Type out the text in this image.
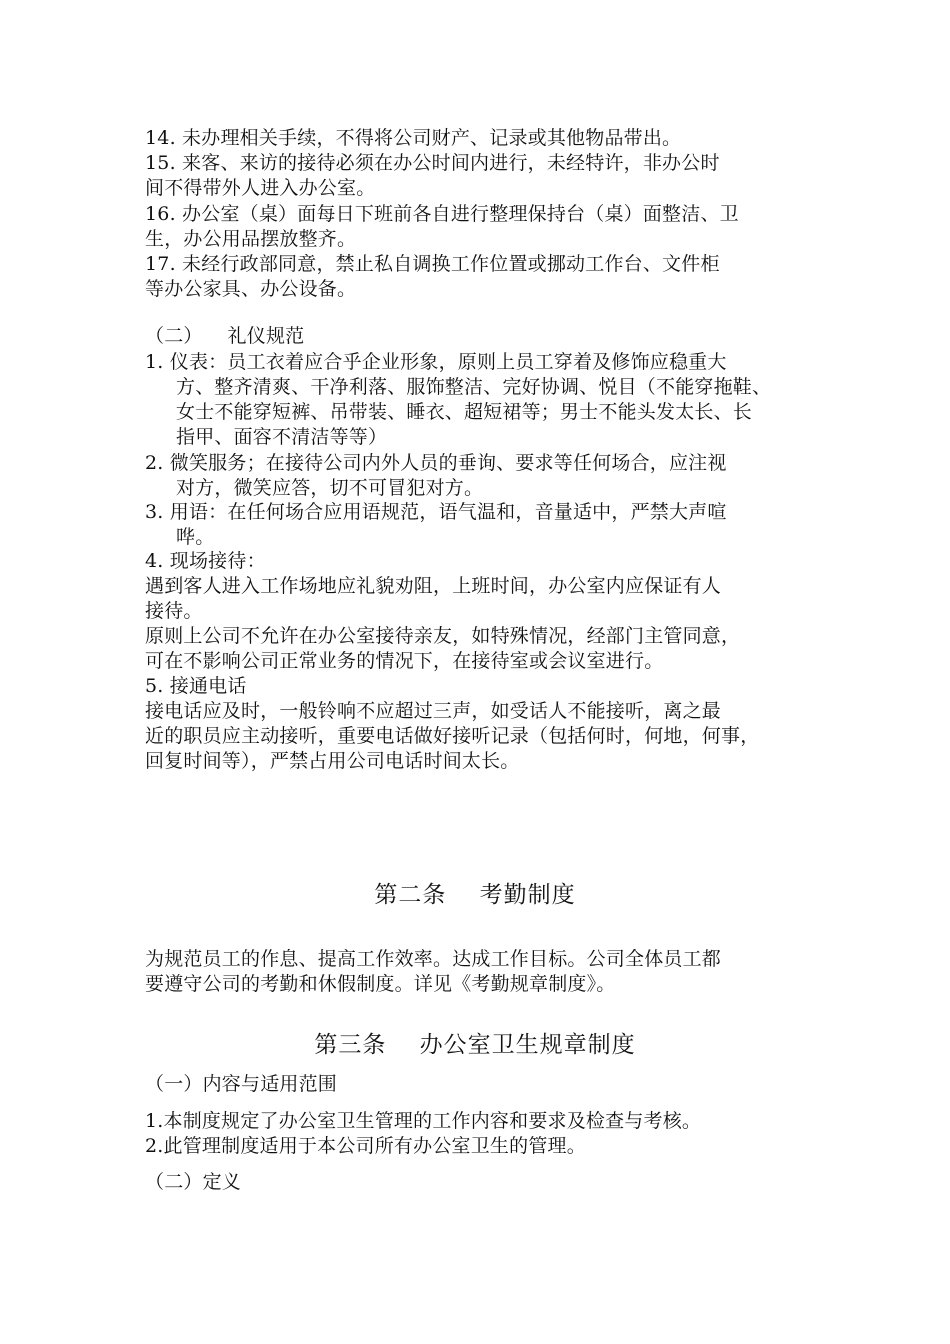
14. 未办理相关手续，不得将公司财产、记录或其他物品带出。
15. 来客、来访的接待必须在办公时间内进行，未经特许，非办公时
间不得带外人进入办公室。
16. 办公室（桌）面每日下班前各自进行整理保持台（桌）面整洁、卫
生，办公用品摆放整齐。
17. 未经行政部同意，禁止私自调换工作位置或挪动工作台、文件柜
等办公家具、办公设备。
（二）    礼仪规范
1. 仪表：员工衣着应合乎企业形象，原则上员工穿着及修饰应稳重大
方、整齐清爽、干净利落、服饰整洁、完好协调、悦目（不能穿拖鞋、
女士不能穿短裤、吊带装、睡衣、超短裙等；男士不能头发太长、长
指甲、面容不清洁等等）
2. 微笑服务；在接待公司内外人员的垂询、要求等任何场合，应注视
对方，微笑应答，切不可冒犯对方。
3. 用语：在任何场合应用语规范，语气温和，音量适中，严禁大声喧
哗。
4. 现场接待：
遇到客人进入工作场地应礼貌劝阻，上班时间，办公室内应保证有人
接待。
原则上公司不允许在办公室接待亲友，如特殊情况，经部门主管同意，
可在不影响公司正常业务的情况下，在接待室或会议室进行。
5. 接通电话
接电话应及时，一般铃响不应超过三声，如受话人不能接听，离之最
近的职员应主动接听，重要电话做好接听记录（包括何时，何地，何事，
回复时间等），严禁占用公司电话时间太长。
第二条    考勤制度
为规范员工的作息、提高工作效率。达成工作目标。公司全体员工都
要遵守公司的考勤和休假制度。详见《考勤规章制度》。
第三条    办公室卫生规章制度
（一）内容与适用范围
1.本制度规定了办公室卫生管理的工作内容和要求及检查与考核。
2.此管理制度适用于本公司所有办公室卫生的管理。
（二）定义
